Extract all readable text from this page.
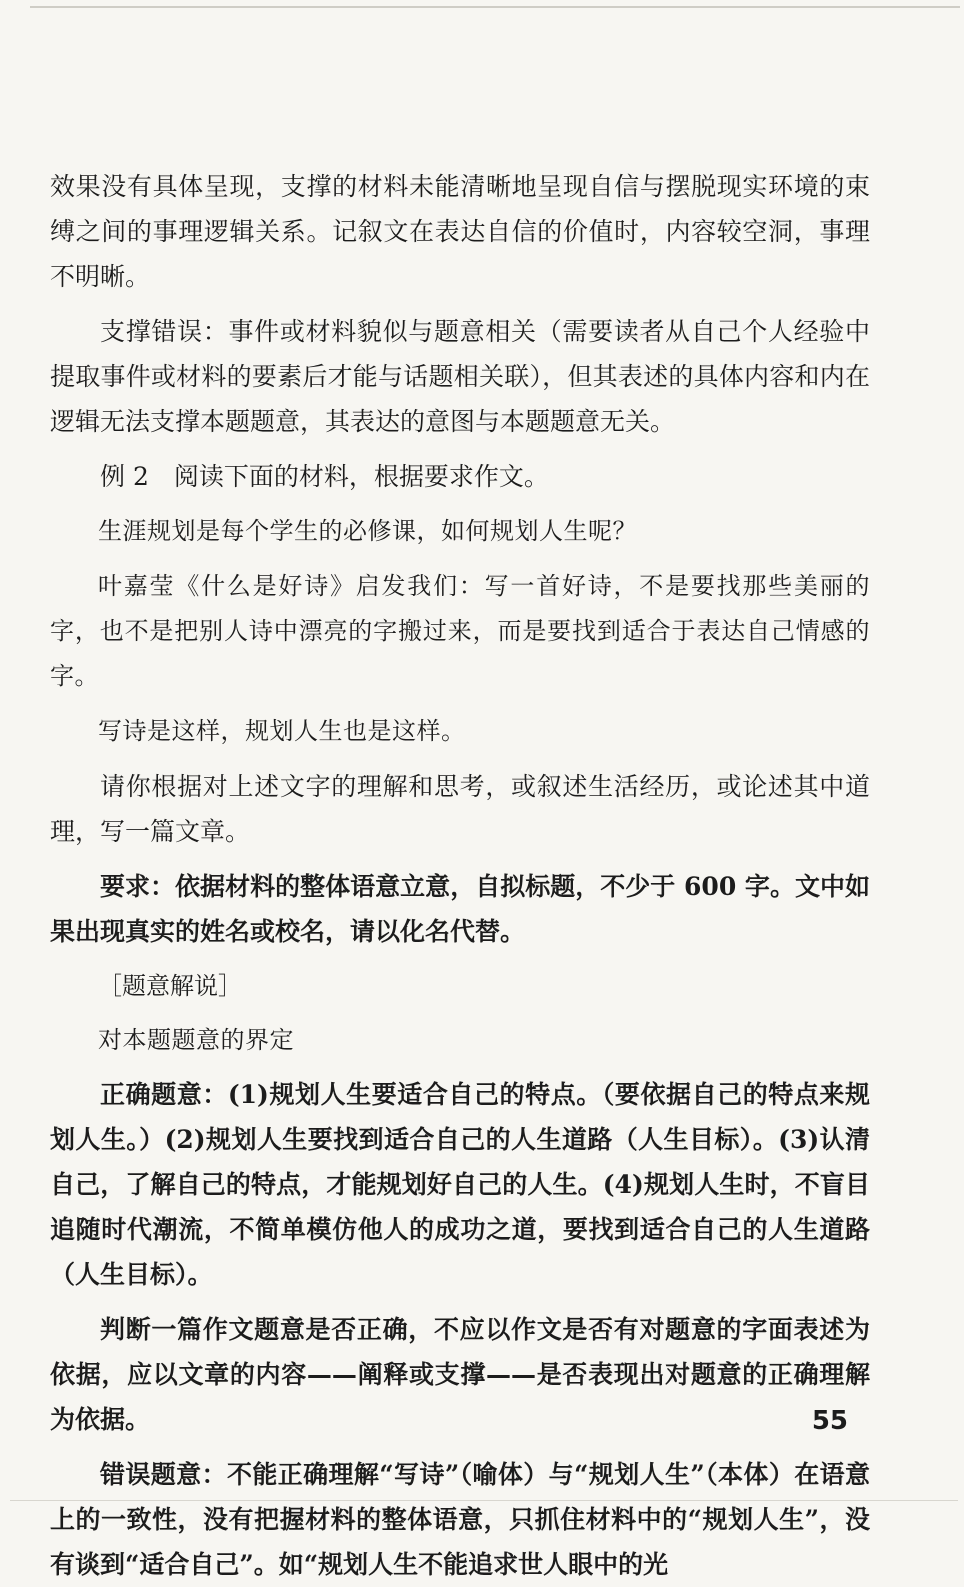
效果没有具体呈现，支撑的材料未能清晰地呈现自信与摆脱现实环境的束缚之间的事理逻辑关系。记叙文在表达自信的价值时，内容较空洞，事理不明晰。

支撑错误：事件或材料貌似与题意相关（需要读者从自己个人经验中提取事件或材料的要素后才能与话题相关联），但其表述的具体内容和内在逻辑无法支撑本题题意，其表达的意图与本题题意无关。

例 2　阅读下面的材料，根据要求作文。

生涯规划是每个学生的必修课，如何规划人生呢？

叶嘉莹《什么是好诗》启发我们：写一首好诗，不是要找那些美丽的字，也不是把别人诗中漂亮的字搬过来，而是要找到适合于表达自己情感的字。

写诗是这样，规划人生也是这样。

请你根据对上述文字的理解和思考，或叙述生活经历，或论述其中道理，写一篇文章。

要求：依据材料的整体语意立意，自拟标题，不少于 600 字。文中如果出现真实的姓名或校名，请以化名代替。

［题意解说］

对本题题意的界定

正确题意：(1)规划人生要适合自己的特点。（要依据自己的特点来规划人生。）(2)规划人生要找到适合自己的人生道路（人生目标）。(3)认清自己，了解自己的特点，才能规划好自己的人生。(4)规划人生时，不盲目追随时代潮流，不简单模仿他人的成功之道，要找到适合自己的人生道路（人生目标）。

判断一篇作文题意是否正确，不应以作文是否有对题意的字面表述为依据，应以文章的内容——阐释或支撑——是否表现出对题意的正确理解为依据。

错误题意：不能正确理解“写诗”（喻体）与“规划人生”（本体）在语意上的一致性，没有把握材料的整体语意，只抓住材料中的“规划人生”，没有谈到“适合自己”。如“规划人生不能追求世人眼中的光

55
